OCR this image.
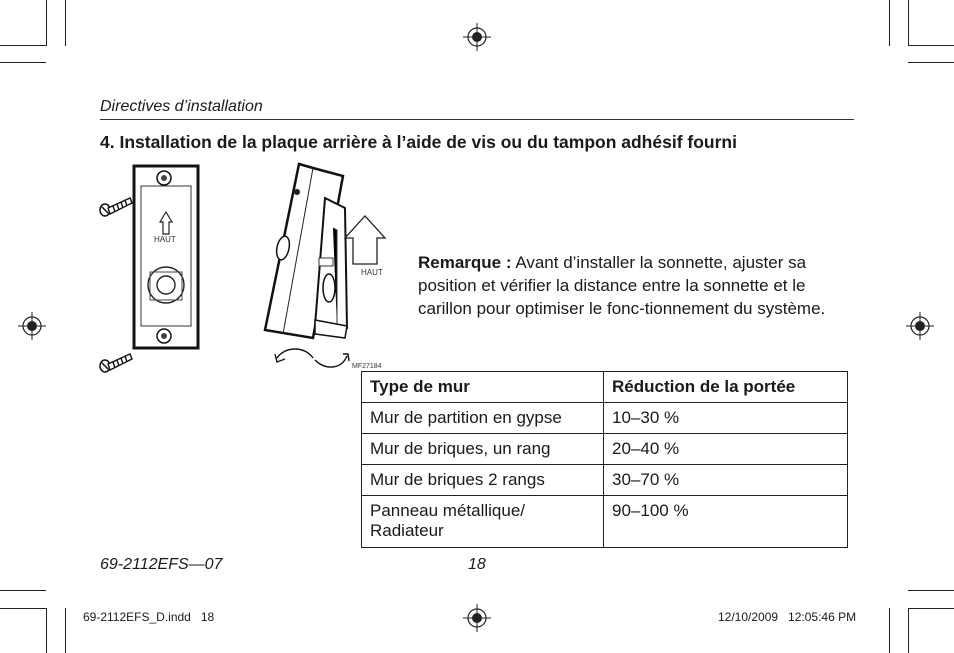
Directives d’installation
4. Installation de la plaque arrière à l’aide de vis ou du tampon adhésif fourni
HAUT
HAUT
MF27184
Remarque : Avant d’installer la sonnette, ajuster sa position et vérifier la distance entre la sonnette et le carillon pour optimiser le fonc-tionnement du système.
Type de mur	Réduction de la portée
Mur de partition en gypse	10–30 %
Mur de briques, un rang	20–40 %
Mur de briques 2 rangs	30–70 %
Panneau métallique/ Radiateur	90–100 %
69-2112EFS—07	18
69-2112EFS_D.indd   18	12/10/2009   12:05:46 PM
